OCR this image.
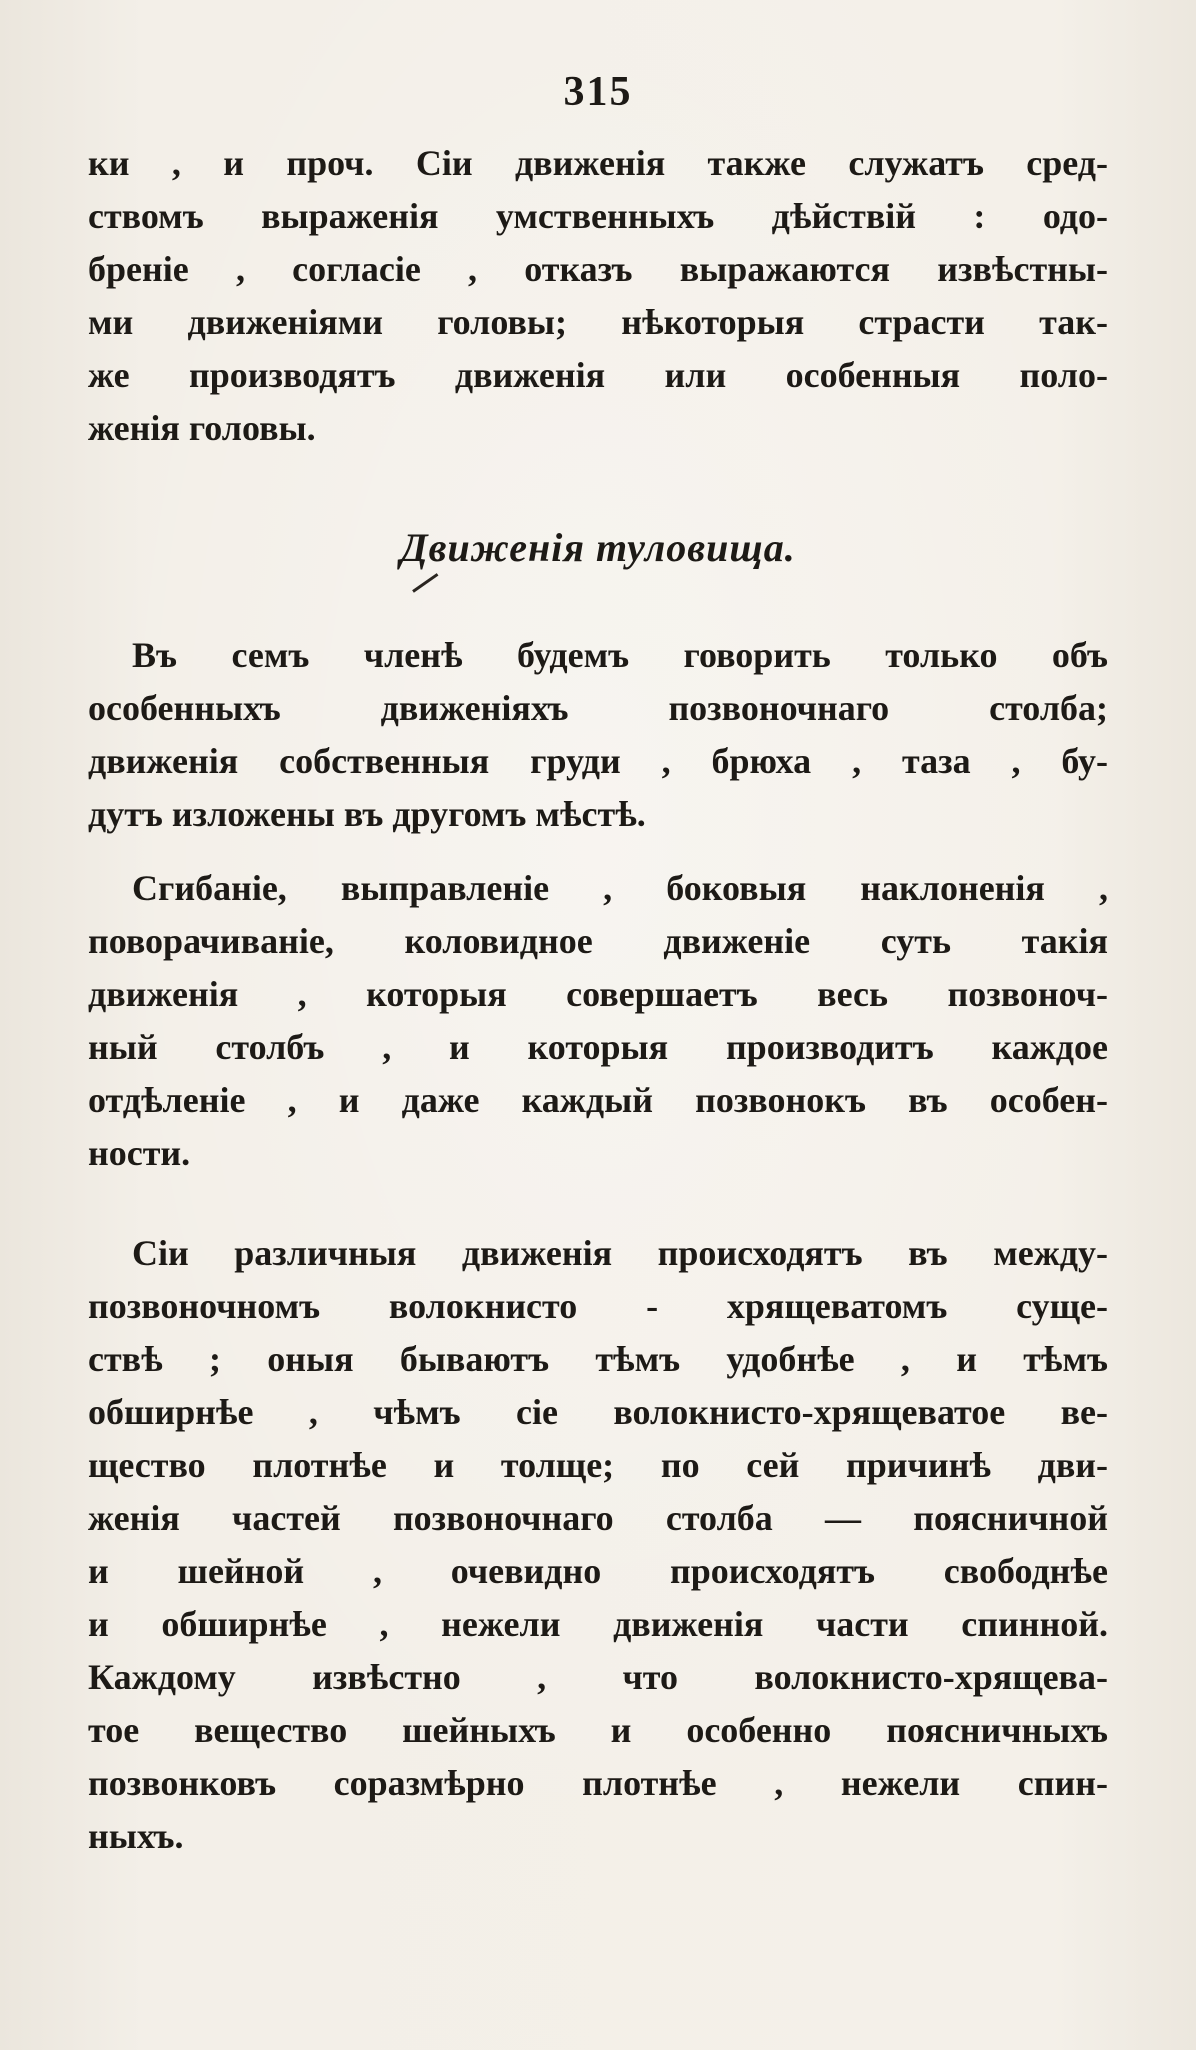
315
ки , и проч. Сіи движенія также служатъ сред-
ствомъ выраженія умственныхъ дѣйствій : одо-
бреніе , согласіе , отказъ выражаются извѣстны-
ми движеніями головы; нѣкоторыя страсти так-
же производятъ движенія или особенныя поло-
женія головы.
Движенія туловища.
Въ семъ членѣ будемъ говорить только объ
особенныхъ движеніяхъ позвоночнаго столба;
движенія собственныя груди , брюха , таза , бу-
дутъ изложены въ другомъ мѣстѣ.
Сгибаніе, выправленіе , боковыя наклоненія ,
поворачиваніе, коловидное движеніе суть такія
движенія , которыя совершаетъ весь позвоноч-
ный столбъ , и которыя производитъ каждое
отдѣленіе , и даже каждый позвонокъ въ особен-
ности.
Сіи различныя движенія происходятъ въ между-
позвоночномъ волокнисто - хрящеватомъ суще-
ствѣ ; оныя бываютъ тѣмъ удобнѣе , и тѣмъ
обширнѣе , чѣмъ сіе волокнисто-хрящеватое ве-
щество плотнѣе и толще; по сей причинѣ дви-
женія частей позвоночнаго столба — поясничной
и шейной , очевидно происходятъ свободнѣе
и обширнѣе , нежели движенія части спинной.
Каждому извѣстно , что волокнисто-хрящева-
тое вещество шейныхъ и особенно поясничныхъ
позвонковъ соразмѣрно плотнѣе , нежели спин-
ныхъ.
